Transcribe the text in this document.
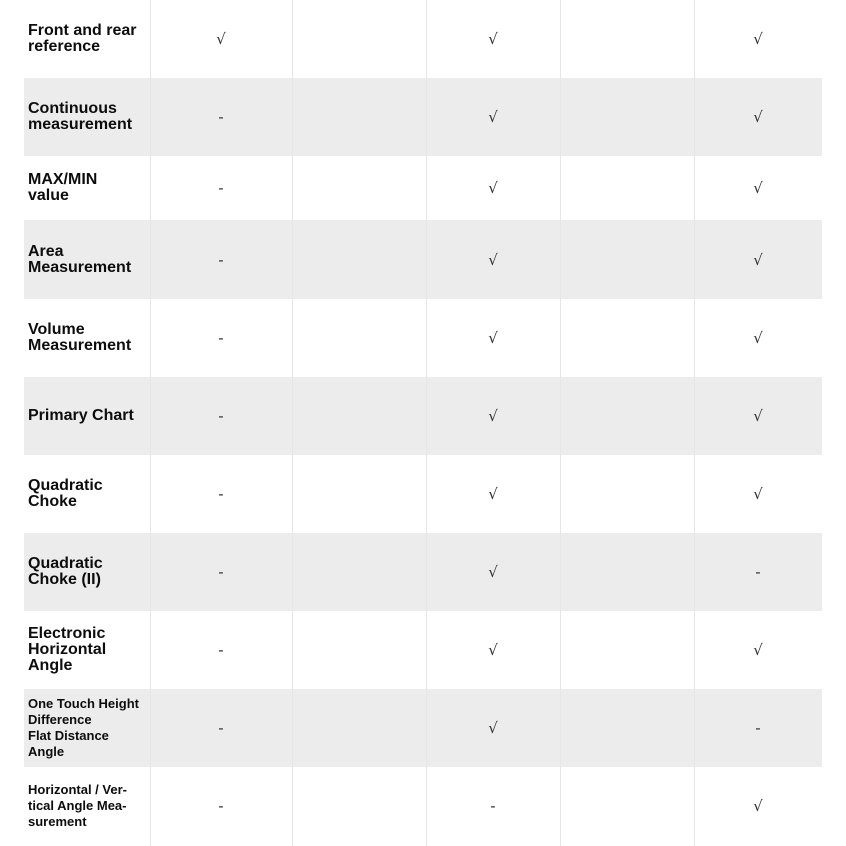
Front and rear
reference	√	√	√
Continuous
measurement	-	√	√
MAX/MIN
value	-	√	√
Area
Measurement	-	√	√
Volume
Measurement	-	√	√
Primary Chart	-	√	√
Quadratic
Choke	-	√	√
Quadratic
Choke (II)	-	√	-
Electronic
Horizontal
Angle
-	√	√
One Touch Height
Difference
Flat Distance
Angle
-	√	-
Horizontal / Ver-
tical Angle Mea-
surement
-	-	√
